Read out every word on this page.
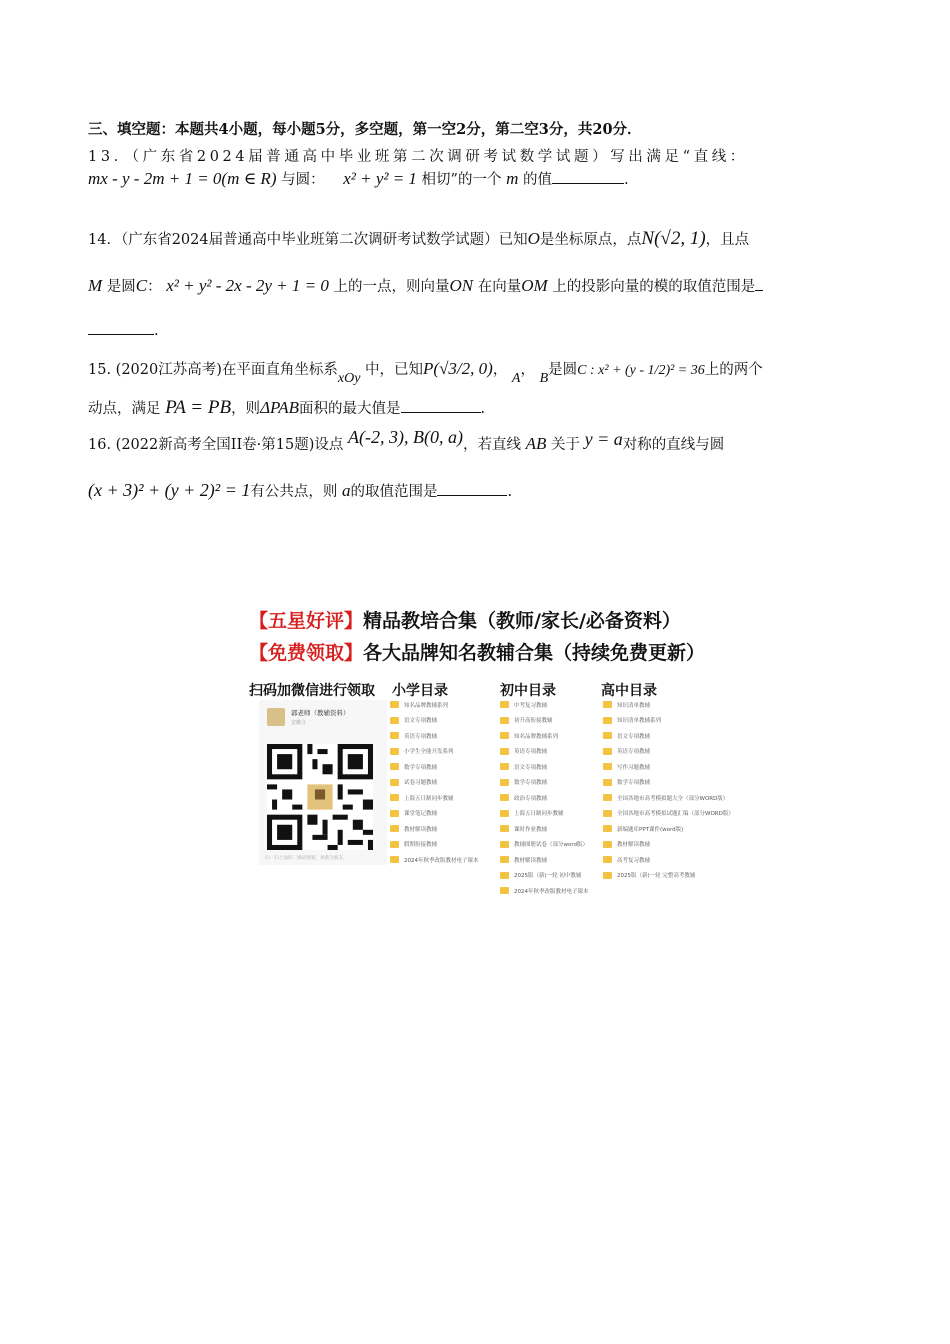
三、填空题：本题共4小题，每小题5分，多空题，第一空2分，第二空3分，共20分．
13．（广东省2024届普通高中毕业班第二次调研考试数学试题）写出满足“直线：
mx - y - 2m + 1 = 0(m ∈ R) 与圆： x² + y² = 1 相切”的一个 m 的值	.
14．（广东省2024届普通高中毕业班第二次调研考试数学试题）已知O是坐标原点，点N(√2, 1)，且点
M 是圆C： x² + y² - 2x - 2y + 1 = 0 上的一点，则向量ON 在向量OM 上的投影向量的模的取值范围是
.
15. (2020江苏高考)在平面直角坐标系xOy 中，已知P(√3/2, 0)， A， B是圆C : x² + (y - 1/2)² = 36上的两个
动点，满足 PA = PB，则ΔPAB面积的最大值是	.
16. (2022新高考全国II卷·第15题)设点 A(-2, 3), B(0, a)，若直线 AB 关于 y = a对称的直线与圆
(x + 3)² + (y + 2)² = 1有公共点，则 a的取值范围是	.
【五星好评】精品教培合集（教师/家长/必备资料）
【免费领取】各大品牌知名教辅合集（持续免费更新）
扫码加微信进行领取 小学目录	初中目录	高中目录
郭老师（教辅资料）
安徽合
扫一扫上面的二维码图案，加我为朋友。
知名品牌教辅系列
语文专项教辅
英语专项教辅
小学生全能开发系列
数学专项教辅
试卷习题教辅
上海五日制同步教辅
课堂笔记教辅
教材解读教辅
假期衔接教辅
2024年秋季改版教材电子课本
中考复习教辅
初升高衔接教辅
知名品牌教辅系列
英语专项教辅
语文专项教辅
数学专项教辅
政治专项教辅
上海五日制同步教辅
课时作业教辅
教辅图册试卷（部分word版）
教材解读教辅
2025版（新)一轮 初中教辅
2024年秋季改版教材电子课本
知识清单教辅
知识清单教辅系列
语文专项教辅
英语专项教辅
写作习题教辅
数学专项教辅
全国各地市高考模拟题大全（部分WORD版）
全国各地市高考模拟试题汇编（部分WORD版）
新编题库PPT课件(word版)
教材解读教辅
高考复习教辅
2025版（新)一轮 完整高考教辅
